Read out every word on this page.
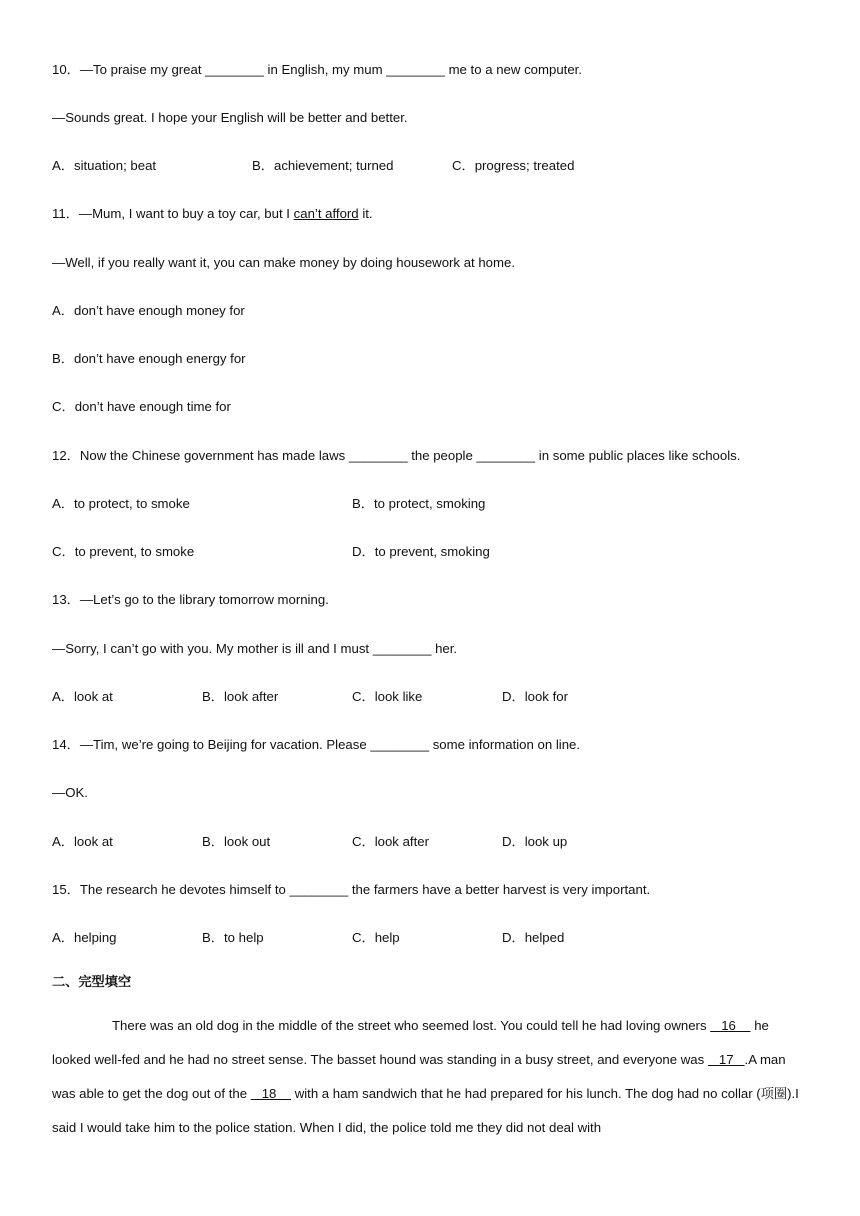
10．—To praise my great ________ in English, my mum ________ me to a new computer.
—Sounds great. I hope your English will be better and better.
A．situation; beat	B．achievement; turned	C．progress; treated
11．—Mum, I want to buy a toy car, but I can’t afford it.
—Well, if you really want it, you can make money by doing housework at home.
A．don’t have enough money for
B．don’t have enough energy for
C．don’t have enough time for
12．Now the Chinese government has made laws ________ the people ________ in some public places like schools.
A．to protect, to smoke	B．to protect, smoking
C．to prevent, to smoke	D．to prevent, smoking
13．—Let’s go to the library tomorrow morning.
—Sorry, I can’t go with you. My mother is ill and I must ________ her.
A．look at	B．look after	C．look like	D．look for
14．—Tim, we’re going to Beijing for vacation. Please ________ some information on line.
—OK.
A．look at	B．look out	C．look after	D．look up
15．The research he devotes himself to ________ the farmers have a better harvest is very important.
A．helping	B．to help	C．help	D．helped
二、完型填空
There was an old dog in the middle of the street who seemed lost. You could tell he had loving owners    16     he looked well-fed and he had no street sense. The basset hound was standing in a busy street, and everyone was    17   .A man was able to get the dog out of the    18     with a ham sandwich that he had prepared for his lunch. The dog had no collar (项圈).I said I would take him to the police station. When I did, the police told me they did not deal with
